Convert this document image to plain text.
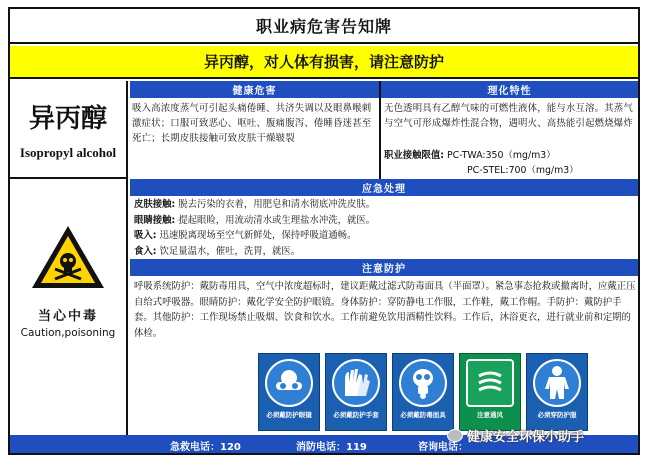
职业病危害告知牌
异丙醇，对人体有损害，请注意防护
异丙醇
Isopropyl alcohol
健康危害	理化特性
吸入高浓度蒸气可引起头痛倦睡、共济失调以及眼鼻喉刺激症状；口服可致恶心、呕吐、腹痛腹泻、倦睡昏迷甚至死亡；长期皮肤接触可致皮肤干燥皲裂
无色透明具有乙醇气味的可燃性液体，能与水互溶。其蒸气与空气可形成爆炸性混合物，遇明火、高热能引起燃烧爆炸
职业接触限值: PC-TWA:350（mg/m3）
PC-STEL:700（mg/m3）
应急处理
皮肤接触: 脱去污染的衣着，用肥皂和清水彻底冲洗皮肤。
眼睛接触: 提起眼睑，用流动清水或生理盐水冲洗，就医。
吸入: 迅速脱离现场至空气新鲜处，保持呼吸道通畅。
食入: 饮足量温水，催吐，洗胃，就医。
注意防护
呼吸系统防护：戴防毒用具，空气中浓度超标时，建议距戴过滤式防毒面具（半面罩）。紧急事态抢救或撤离时，应戴正压自给式呼吸器。眼睛防护：戴化学安全防护眼镜。身体防护：穿防静电工作服，工作鞋，戴工作帽。手防护：戴防护手套。其他防护：工作现场禁止吸烟、饮食和饮水。工作前避免饮用酒精性饮料。工作后，沐浴更衣，进行就业前和定期的体检。
当心中毒
Caution,poisoning
必须戴防护眼镜	必须戴防护手套	必须戴防毒面具	注意通风	必须穿防护服
急救电话：120	消防电话：119	咨询电话：
健康安全环保小助手
